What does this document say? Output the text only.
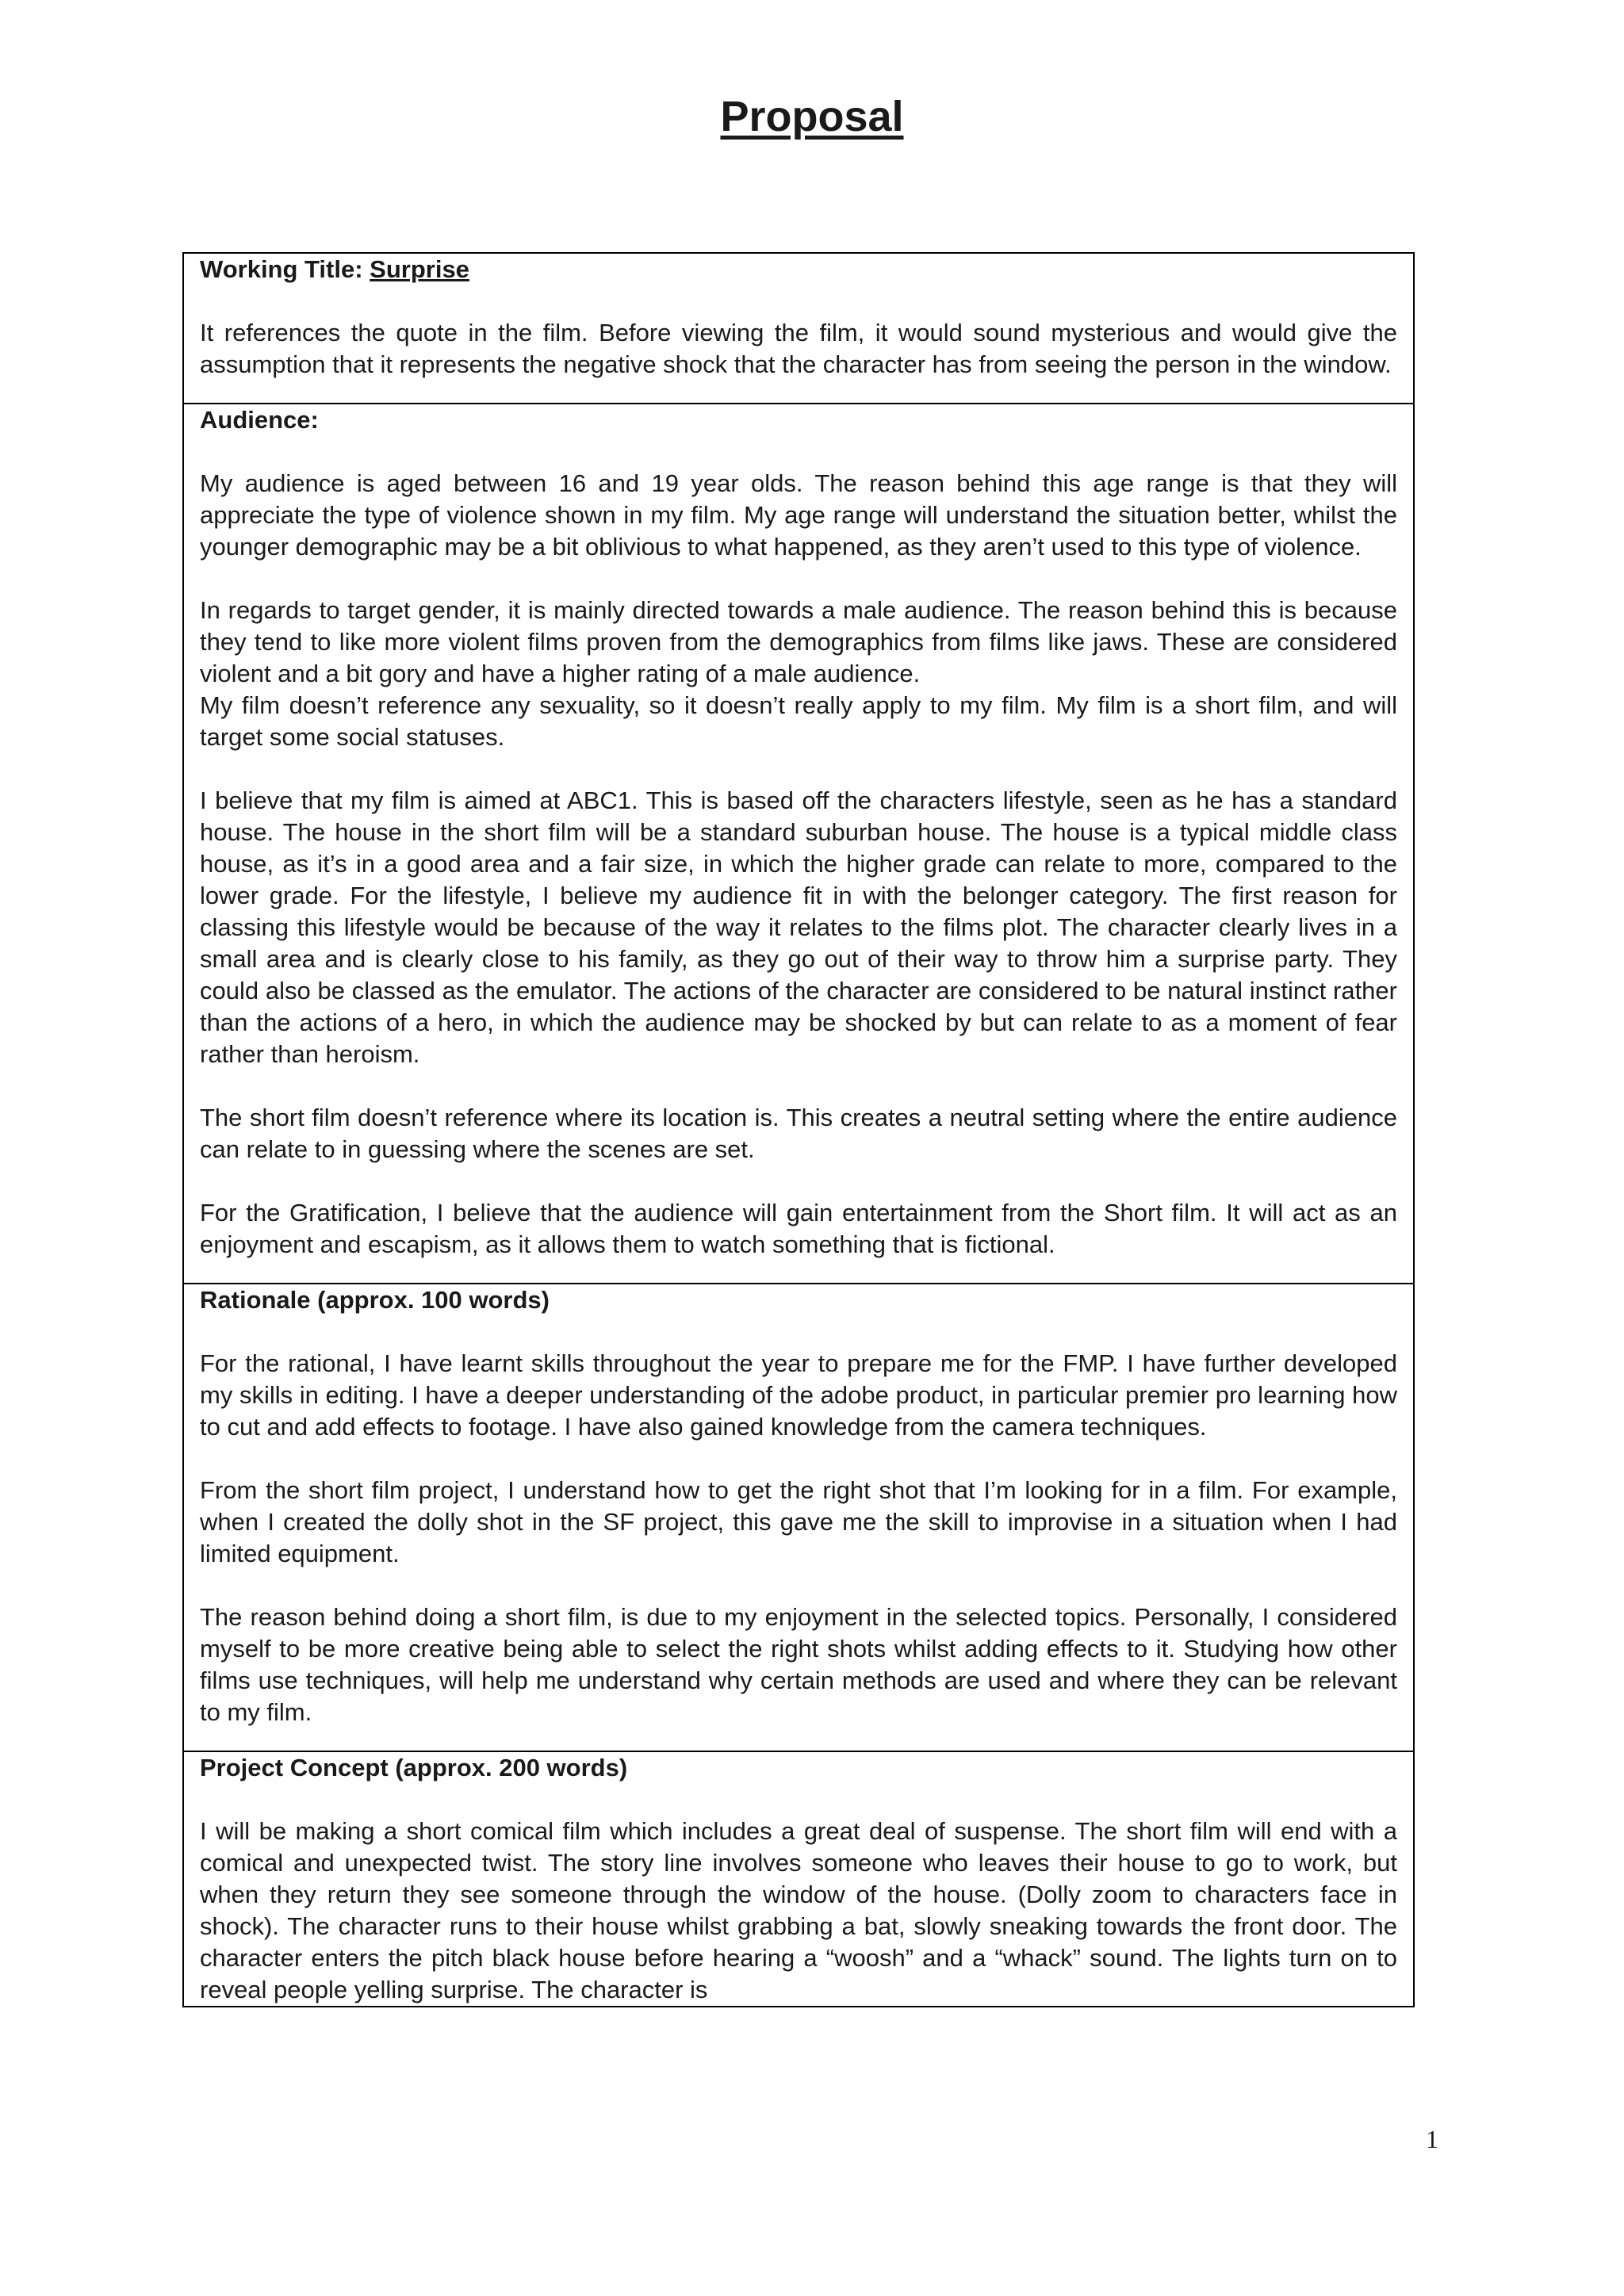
Proposal

Working Title: Surprise

It references the quote in the film. Before viewing the film, it would sound mysterious and would give the assumption that it represents the negative shock that the character has from seeing the person in the window.

Audience:

My audience is aged between 16 and 19 year olds. The reason behind this age range is that they will appreciate the type of violence shown in my film. My age range will understand the situation better, whilst the younger demographic may be a bit oblivious to what happened, as they aren’t used to this type of violence.

In regards to target gender, it is mainly directed towards a male audience. The reason behind this is because they tend to like more violent films proven from the demographics from films like jaws. These are considered violent and a bit gory and have a higher rating of a male audience.

My film doesn’t reference any sexuality, so it doesn’t really apply to my film. My film is a short film, and will target some social statuses.

I believe that my film is aimed at ABC1. This is based off the characters lifestyle, seen as he has a standard house. The house in the short film will be a standard suburban house. The house is a typical middle class house, as it’s in a good area and a fair size, in which the higher grade can relate to more, compared to the lower grade. For the lifestyle, I believe my audience fit in with the belonger category. The first reason for classing this lifestyle would be because of the way it relates to the films plot. The character clearly lives in a small area and is clearly close to his family, as they go out of their way to throw him a surprise party. They could also be classed as the emulator. The actions of the character are considered to be natural instinct rather than the actions of a hero, in which the audience may be shocked by but can relate to as a moment of fear rather than heroism.

The short film doesn’t reference where its location is. This creates a neutral setting where the entire audience can relate to in guessing where the scenes are set.

For the Gratification, I believe that the audience will gain entertainment from the Short film. It will act as an enjoyment and escapism, as it allows them to watch something that is fictional.

Rationale (approx. 100 words)

For the rational, I have learnt skills throughout the year to prepare me for the FMP. I have further developed my skills in editing. I have a deeper understanding of the adobe product, in particular premier pro learning how to cut and add effects to footage. I have also gained knowledge from the camera techniques.

From the short film project, I understand how to get the right shot that I’m looking for in a film. For example, when I created the dolly shot in the SF project, this gave me the skill to improvise in a situation when I had limited equipment.

The reason behind doing a short film, is due to my enjoyment in the selected topics. Personally, I considered myself to be more creative being able to select the right shots whilst adding effects to it. Studying how other films use techniques, will help me understand why certain methods are used and where they can be relevant to my film.

Project Concept (approx. 200 words)

I will be making a short comical film which includes a great deal of suspense. The short film will end with a comical and unexpected twist. The story line involves someone who leaves their house to go to work, but when they return they see someone through the window of the house. (Dolly zoom to characters face in shock). The character runs to their house whilst grabbing a bat, slowly sneaking towards the front door. The character enters the pitch black house before hearing a “woosh” and a “whack” sound. The lights turn on to reveal people yelling surprise. The character is

1
